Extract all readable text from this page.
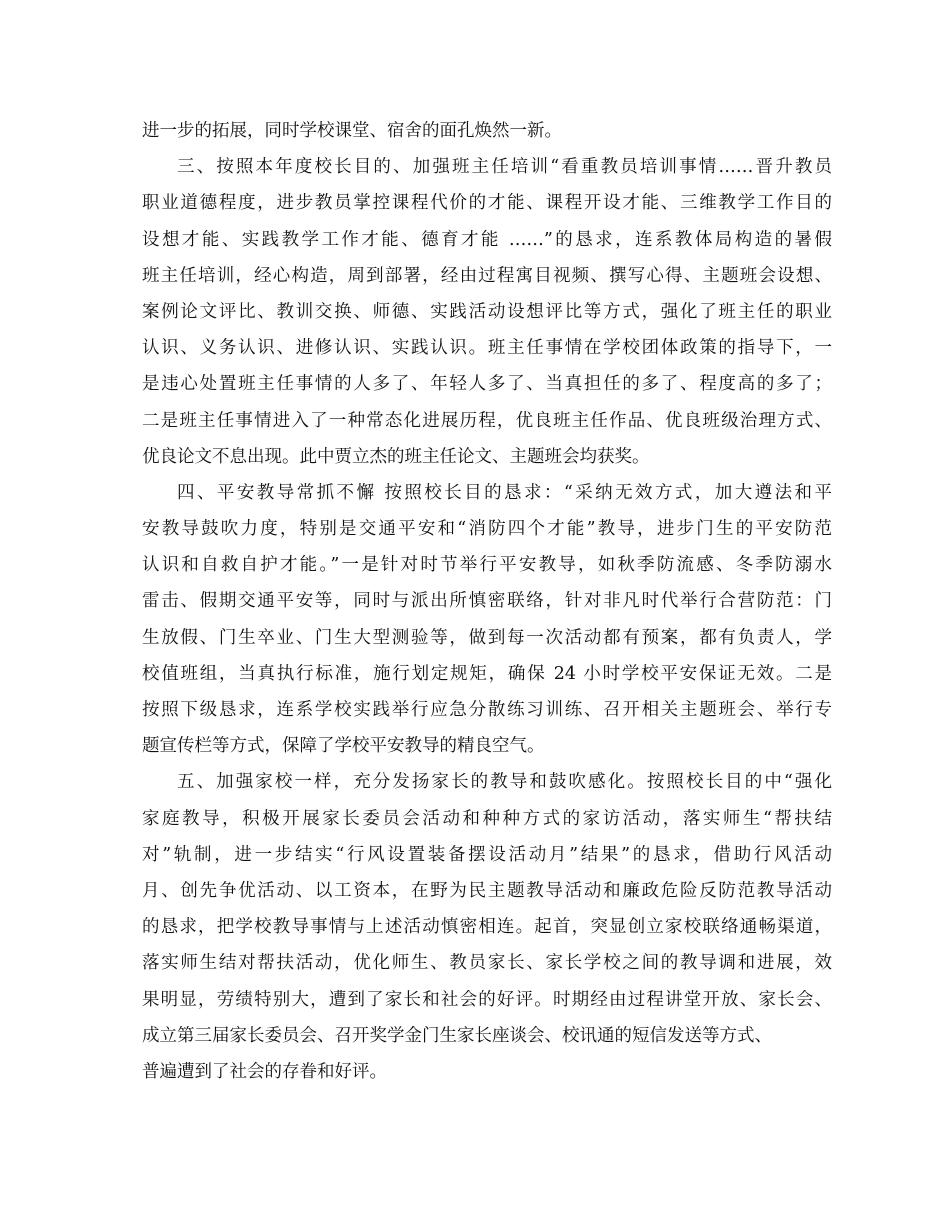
进一步的拓展，同时学校课堂、宿舍的面孔焕然一新。
三、按照本年度校长目的、加强班主任培训“看重教员培训事情……晋升教员
职业道德程度，进步教员掌控课程代价的才能、课程开设才能、三维教学工作目的
设想才能、实践教学工作才能、德育才能 ……”的恳求，连系教体局构造的暑假
班主任培训，经心构造，周到部署，经由过程寓目视频、撰写心得、主题班会设想、
案例论文评比、教训交换、师德、实践活动设想评比等方式，强化了班主任的职业
认识、义务认识、进修认识、实践认识。班主任事情在学校团体政策的指导下，一
是违心处置班主任事情的人多了、年轻人多了、当真担任的多了、程度高的多了；
二是班主任事情进入了一种常态化进展历程，优良班主任作品、优良班级治理方式、
优良论文不息出现。此中贾立杰的班主任论文、主题班会均获奖。
四、平安教导常抓不懈 按照校长目的恳求：“采纳无效方式，加大遵法和平
安教导鼓吹力度，特别是交通平安和“消防四个才能”教导，进步门生的平安防范
认识和自救自护才能。”一是针对时节举行平安教导，如秋季防流感、冬季防溺水
雷击、假期交通平安等，同时与派出所慎密联络，针对非凡时代举行合营防范：门
生放假、门生卒业、门生大型测验等，做到每一次活动都有预案，都有负责人，学
校值班组，当真执行标准，施行划定规矩，确保 24 小时学校平安保证无效。二是
按照下级恳求，连系学校实践举行应急分散练习训练、召开相关主题班会、举行专
题宣传栏等方式，保障了学校平安教导的精良空气。
五、加强家校一样，充分发扬家长的教导和鼓吹感化。按照校长目的中“强化
家庭教导，积极开展家长委员会活动和种种方式的家访活动，落实师生“帮扶结
对”轨制，进一步结实“行风设置装备摆设活动月”结果”的恳求，借助行风活动
月、创先争优活动、以工资本，在野为民主题教导活动和廉政危险反防范教导活动
的恳求，把学校教导事情与上述活动慎密相连。起首，突显创立家校联络通畅渠道，
落实师生结对帮扶活动，优化师生、教员家长、家长学校之间的教导调和进展，效
果明显，劳绩特别大，遭到了家长和社会的好评。时期经由过程讲堂开放、家长会、
成立第三届家长委员会、召开奖学金门生家长座谈会、校讯通的短信发送等方式、
普遍遭到了社会的存眷和好评。
